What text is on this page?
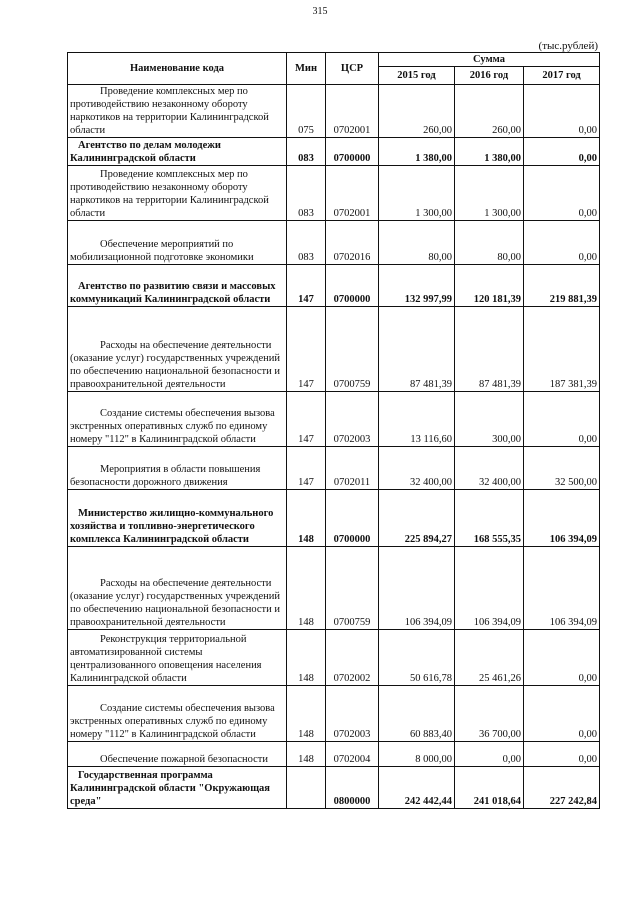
315
(тыс.рублей)
Наименование кода	Мин	ЦСР	Сумма		
			2015 год	2016 год	2017 год
Проведение комплексных мер по противодействию незаконному обороту наркотиков на территории Калининградской области	075	0702001	260,00	260,00	0,00
Агентство по делам молодежи Калининградской области	083	0700000	1 380,00	1 380,00	0,00
Проведение комплексных мер по противодействию незаконному обороту наркотиков на территории Калининградской области	083	0702001	1 300,00	1 300,00	0,00
Обеспечение мероприятий по мобилизационной подготовке экономики	083	0702016	80,00	80,00	0,00
Агентство по развитию связи и массовых коммуникаций Калининградской области	147	0700000	132 997,99	120 181,39	219 881,39
Расходы на обеспечение деятельности (оказание услуг) государственных учреждений по обеспечению национальной безопасности и правоохранительной деятельности	147	0700759	87 481,39	87 481,39	187 381,39
Создание системы обеспечения вызова экстренных оперативных служб по единому номеру "112" в Калининградской области	147	0702003	13 116,60	300,00	0,00
Мероприятия в области повышения безопасности дорожного движения	147	0702011	32 400,00	32 400,00	32 500,00
Министерство жилищно-коммунального хозяйства и топливно-энергетического комплекса Калининградской области	148	0700000	225 894,27	168 555,35	106 394,09
Расходы на обеспечение деятельности (оказание услуг) государственных учреждений по обеспечению национальной безопасности и правоохранительной деятельности	148	0700759	106 394,09	106 394,09	106 394,09
Реконструкция территориальной автоматизированной системы централизованного оповещения населения Калининградской области	148	0702002	50 616,78	25 461,26	0,00
Создание системы обеспечения вызова экстренных оперативных служб по единому номеру "112" в Калининградской области	148	0702003	60 883,40	36 700,00	0,00
Обеспечение пожарной безопасности	148	0702004	8 000,00	0,00	0,00
Государственная программа Калининградской области "Окружающая среда"		0800000	242 442,44	241 018,64	227 242,84
